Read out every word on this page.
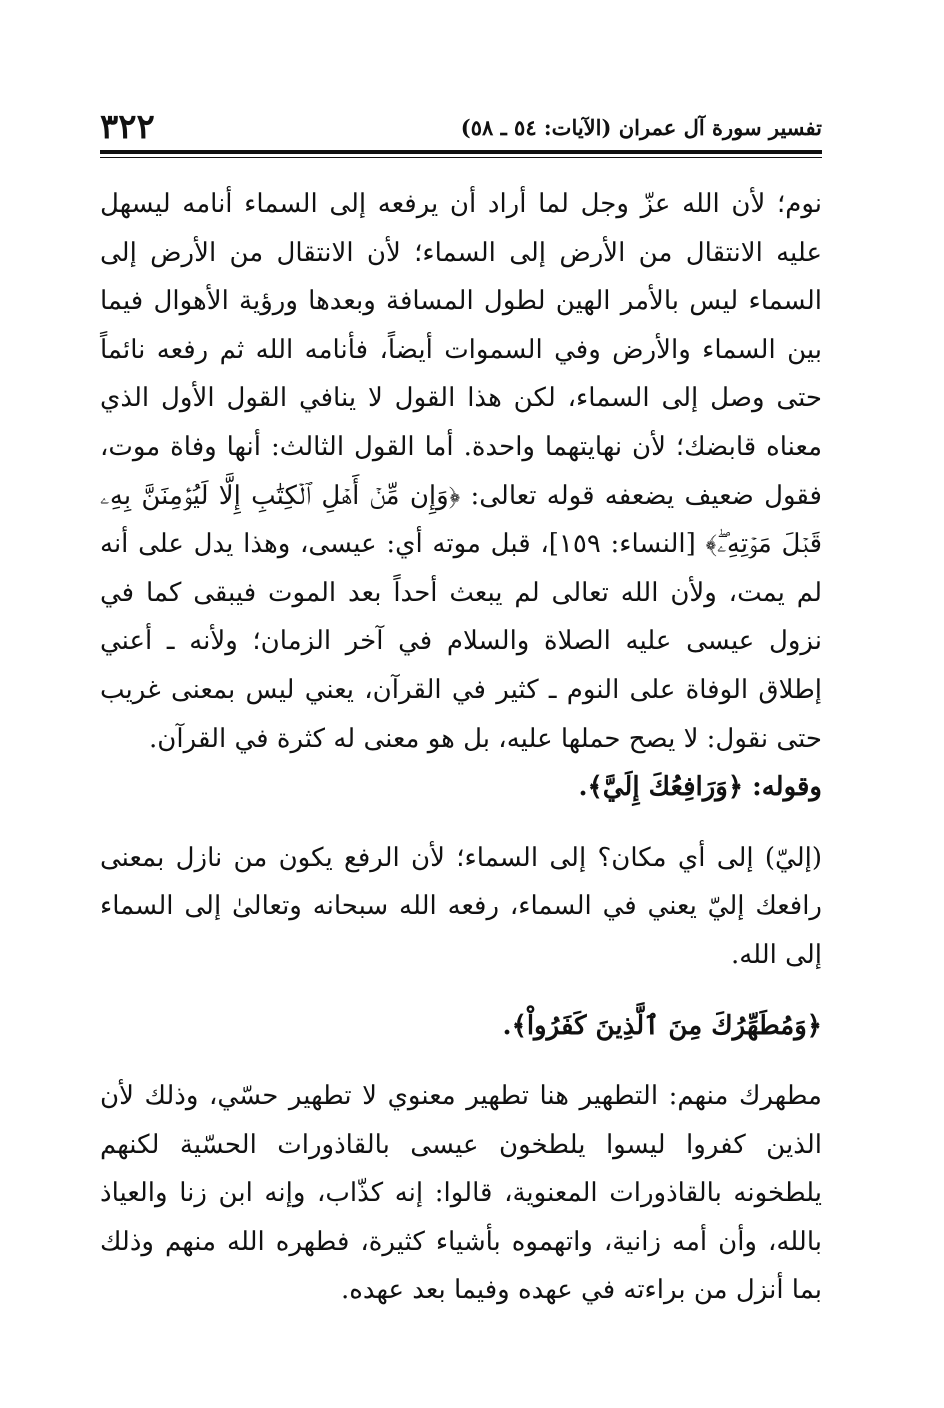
٣٢٢	تفسير سورة آل عمران (الآيات: ٥٤ ـ ٥٨)

نوم؛ لأن الله عزّ وجل لما أراد أن يرفعه إلى السماء أنامه ليسهل عليه الانتقال من الأرض إلى السماء؛ لأن الانتقال من الأرض إلى السماء ليس بالأمر الهين لطول المسافة وبعدها ورؤية الأهوال فيما بين السماء والأرض وفي السموات أيضاً، فأنامه الله ثم رفعه نائماً حتى وصل إلى السماء، لكن هذا القول لا ينافي القول الأول الذي معناه قابضك؛ لأن نهايتهما واحدة. أما القول الثالث: أنها وفاة موت، فقول ضعيف يضعفه قوله تعالى: ﴿وَإِن مِّنۡ أَهۡلِ ٱلۡكِتَٰبِ إِلَّا لَيُؤۡمِنَنَّ بِهِۦ قَبۡلَ مَوۡتِهِۦۖ﴾ [النساء: ١٥٩]، قبل موته أي: عيسى، وهذا يدل على أنه لم يمت، ولأن الله تعالى لم يبعث أحداً بعد الموت فيبقى كما في نزول عيسى عليه الصلاة والسلام في آخر الزمان؛ ولأنه ـ أعني إطلاق الوفاة على النوم ـ كثير في القرآن، يعني ليس بمعنى غريب حتى نقول: لا يصح حملها عليه، بل هو معنى له كثرة في القرآن.

وقوله: ﴿وَرَافِعُكَ إِلَيَّ﴾.

(إليّ) إلى أي مكان؟ إلى السماء؛ لأن الرفع يكون من نازل بمعنى رافعك إليّ يعني في السماء، رفعه الله سبحانه وتعالىٰ إلى السماء إلى الله.

﴿وَمُطَهِّرُكَ مِنَ ٱلَّذِينَ كَفَرُواْ﴾.

مطهرك منهم: التطهير هنا تطهير معنوي لا تطهير حسّي، وذلك لأن الذين كفروا ليسوا يلطخون عيسى بالقاذورات الحسّية لكنهم يلطخونه بالقاذورات المعنوية، قالوا: إنه كذّاب، وإنه ابن زنا والعياذ بالله، وأن أمه زانية، واتهموه بأشياء كثيرة، فطهره الله منهم وذلك بما أنزل من براءته في عهده وفيما بعد عهده.
